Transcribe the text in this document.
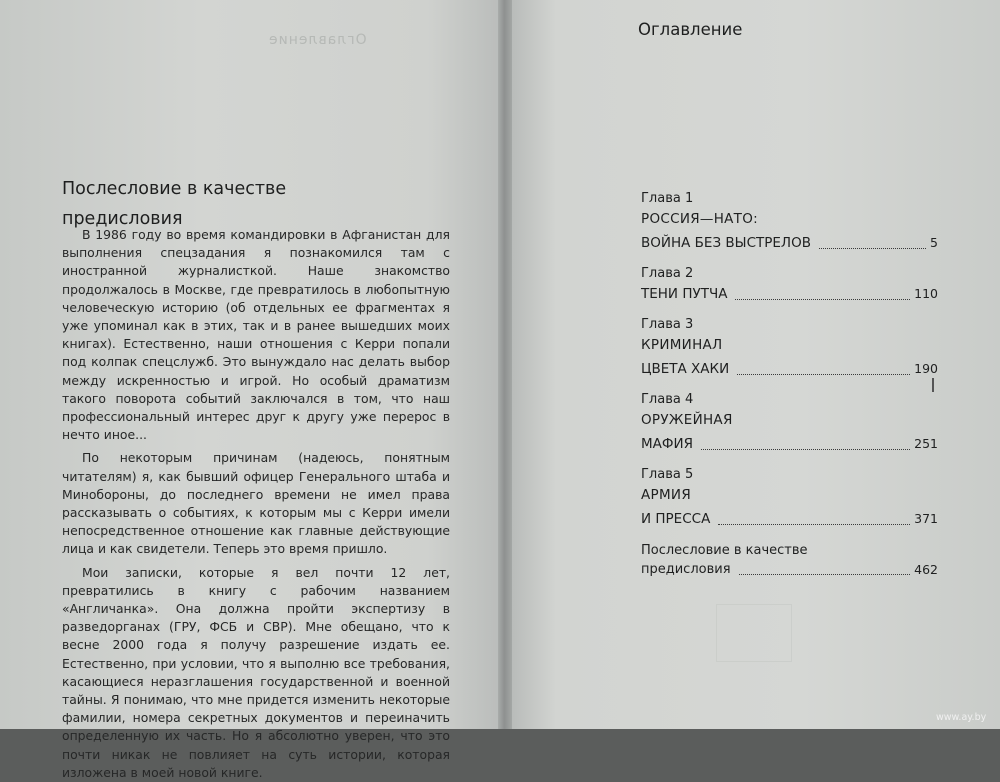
Оглавление
Послесловие в качестве
предисловия

В 1986 году во время командировки в Афганистан для выполнения спецзадания я познакомился там с иностранной журналисткой. Наше знакомство продолжалось в Москве, где превратилось в любопытную человеческую историю (об отдельных ее фрагментах я уже упоминал как в этих, так и в ранее вышедших моих книгах). Естественно, наши отношения с Керри попали под колпак спецслужб. Это вынуждало нас делать выбор между искренностью и игрой. Но особый драматизм такого поворота событий заключался в том, что наш профессиональный интерес друг к другу уже перерос в нечто иное...

По некоторым причинам (надеюсь, понятным читателям) я, как бывший офицер Генерального штаба и Минобороны, до последнего времени не имел права рассказывать о событиях, к которым мы с Керри имели непосредственное отношение как главные действующие лица и как свидетели. Теперь это время пришло.

Мои записки, которые я вел почти 12 лет, превратились в книгу с рабочим названием «Англичанка». Она должна пройти экспертизу в разведорганах (ГРУ, ФСБ и СВР). Мне обещано, что к весне 2000 года я получу разрешение издать ее. Естественно, при условии, что я выполню все требования, касающиеся неразглашения государственной и военной тайны. Я понимаю, что мне придется изменить некоторые фамилии, номера секретных документов и переиначить определенную их часть. Но я абсолютно уверен, что это почти никак не повлияет на суть истории, которая изложена в моей новой книге.

Оглавление
Глава 1
РОССИЯ—НАТО:
ВОЙНА БЕЗ ВЫСТРЕЛОВ	5
Глава 2
ТЕНИ ПУТЧА	110
Глава 3
КРИМИНАЛ
ЦВЕТА ХАКИ	190
Глава 4
ОРУЖЕЙНАЯ
МАФИЯ	251
Глава 5
АРМИЯ
И ПРЕССА	371
Послесловие в качестве
предисловия	462
www.ay.by
